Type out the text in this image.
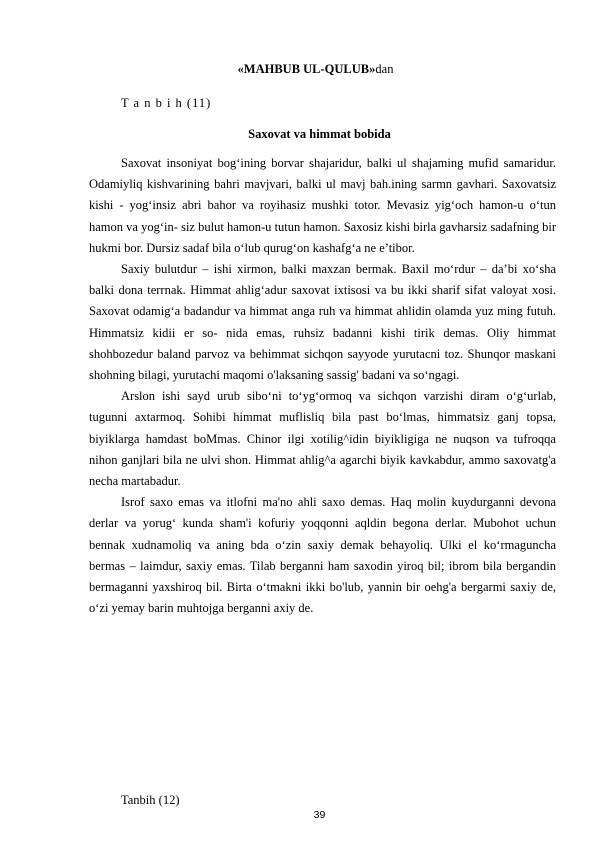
«MAHBUB UL-QULUB»dan
T a n b i h (11)
Saxovat va himmat bobida

Saxovat insoniyat bog‘ining borvar shajaridur, balki ul shajaming mufid samaridur. Odamiyliq kishvarining bahri mavjvari, balki ul mavj bah.ining sarmn gavhari. Saxovatsiz kishi - yog‘insiz abri bahor va royihasiz mushki totor. Mevasiz yig‘och hamon-u o‘tun hamon va yog‘in- siz bulut hamon-u tutun hamon. Saxosiz kishi birla gavharsiz sadafning bir hukmi bor. Dursiz sadaf bila o‘lub qurug‘on kashafg‘a ne e’tibor.

Saxiy bulutdur – ishi xirmon, balki maxzan bermak. Baxil mo‘rdur – da’bi xo‘sha balki dona terrnak. Himmat ahlig‘adur saxovat ixtisosi va bu ikki sharif sifat valoyat xosi. Saxovat odamig‘a badandur va himmat anga ruh va himmat ahlidin olamda yuz ming futuh. Himmatsiz kidii er so- nida emas, ruhsiz badanni kishi tirik demas. Oliy himmat shohbozedur baland parvoz va behimmat sichqon sayyode yurutacni toz. Shunqor maskani shohning bilagi, yurutachi maqomi o'laksaning sassig' badani va so‘ngagi.

Arslon ishi sayd urub sibo‘ni to‘yg‘ormoq va sichqon varzishi diram o‘g‘urlab, tugunni axtarmoq. Sohibi himmat muflisliq bila past bo‘lmas, himmatsiz ganj topsa, biyiklarga hamdast boMmas. Chinor ilgi xotilig^idin biyikligiga ne nuqson va tufroqqa nihon ganjlari bila ne ulvi shon. Himmat ahlig^a agarchi biyik kavkabdur, ammo saxovatg'a necha martabadur.

Isrof saxo emas va itlofni ma'no ahli saxo demas. Haq molin kuydurganni devona derlar va yorug‘ kunda sham'i kofuriy yoqqonni aqldin begona derlar. Mubohot uchun bennak xudnamoliq va aning bda o‘zin saxiy demak behayoliq. Ulki el ko‘rmaguncha bermas – laimdur, saxiy emas. Tilab berganni ham saxodin yiroq bil; ibrom bila bergandin bermaganni yaxshiroq bil. Birta o‘tmakni ikki bo'lub, yannin bir oehg'a bergarmi saxiy de, o‘zi yemay barin muhtojga berganni axiy de.

Tanbih (12)
39
